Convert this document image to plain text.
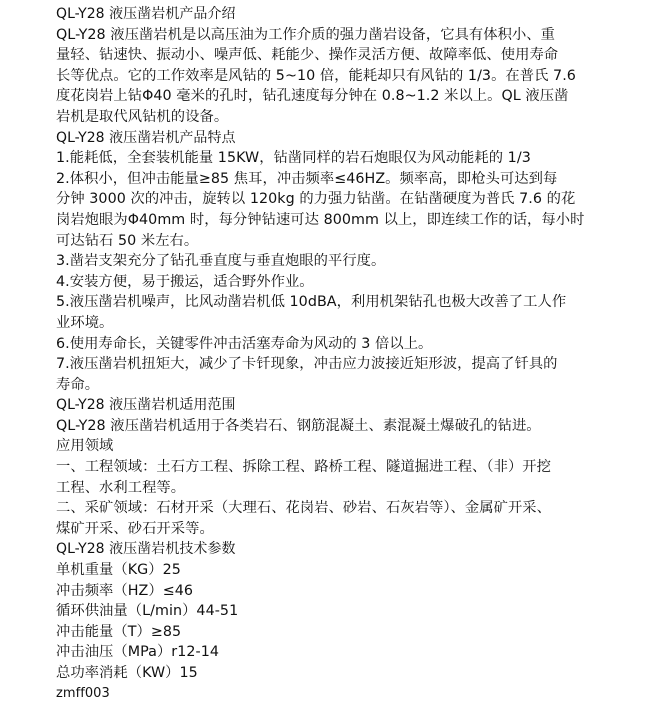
QL-Y28 液压凿岩机产品介绍
QL-Y28 液压凿岩机是以高压油为工作介质的强力凿岩设备，它具有体积小、重
量轻、钻速快、振动小、噪声低、耗能少、操作灵活方便、故障率低、使用寿命
长等优点。它的工作效率是风钻的 5~10 倍，能耗却只有风钻的 1/3。在普氏 7.6
度花岗岩上钻Φ40 毫米的孔时，钻孔速度每分钟在 0.8~1.2 米以上。QL 液压凿
岩机是取代风钻机的设备。
QL-Y28 液压凿岩机产品特点
1.能耗低，全套装机能量 15KW，钻凿同样的岩石炮眼仅为风动能耗的 1/3
2.体积小，但冲击能量≥85 焦耳，冲击频率≤46HZ。频率高，即枪头可达到每
分钟 3000 次的冲击，旋转以 120kg 的力强力钻凿。在钻凿硬度为普氏 7.6 的花
岗岩炮眼为Φ40mm 时，每分钟钻速可达 800mm 以上，即连续工作的话，每小时
可达钻石 50 米左右。
3.凿岩支架充分了钻孔垂直度与垂直炮眼的平行度。
4.安装方便，易于搬运，适合野外作业。
5.液压凿岩机噪声，比风动凿岩机低 10dBA，利用机架钻孔也极大改善了工人作
业环境。
6.使用寿命长，关键零件冲击活塞寿命为风动的 3 倍以上。
7.液压凿岩机扭矩大，减少了卡钎现象，冲击应力波接近矩形波，提高了钎具的
寿命。
QL-Y28 液压凿岩机适用范围
QL-Y28 液压凿岩机适用于各类岩石、钢筋混凝土、素混凝土爆破孔的钻进。
应用领域
一、工程领域：土石方工程、拆除工程、路桥工程、隧道掘进工程、（非）开挖
工程、水利工程等。
二、采矿领域：石材开采（大理石、花岗岩、砂岩、石灰岩等）、金属矿开采、
煤矿开采、砂石开采等。
QL-Y28 液压凿岩机技术参数
单机重量（KG）25
冲击频率（HZ）≤46
循环供油量（L/min）44-51
冲击能量（T）≥85
冲击油压（MPa）r12-14
总功率消耗（KW）15
zmff003
